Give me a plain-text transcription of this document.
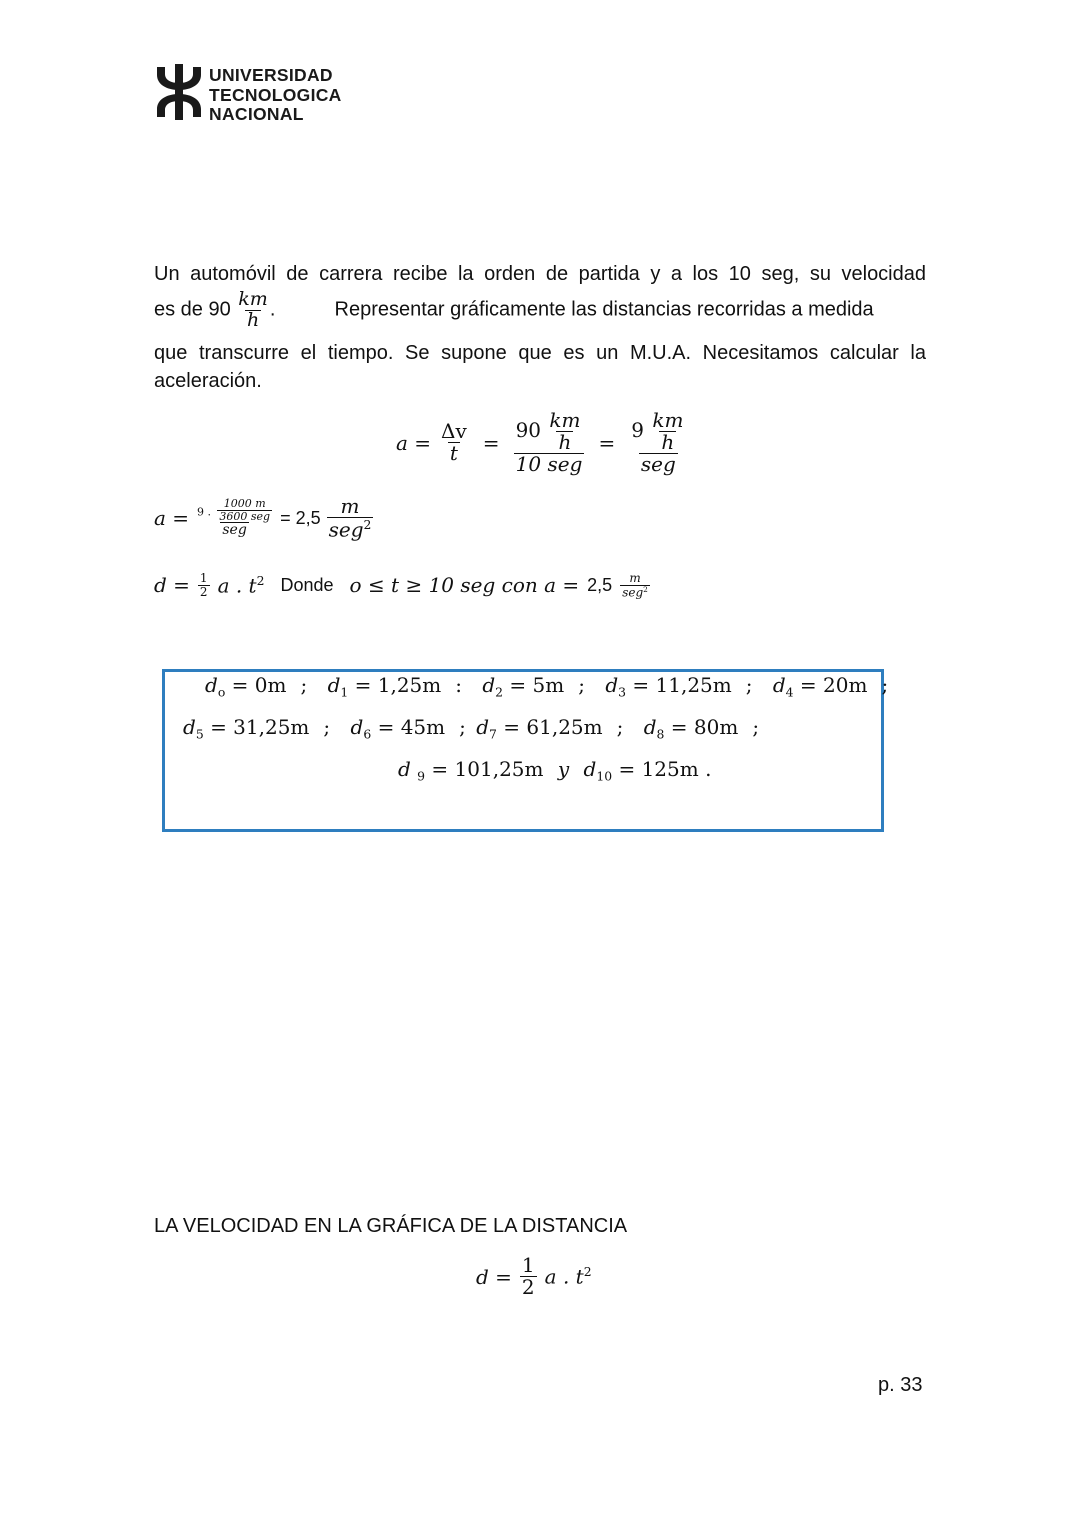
UNIVERSIDAD
TECNOLOGICA
NACIONAL
Un automóvil de carrera recibe la orden de partida y a los 10 seg, su velocidad
es de $90 \frac{km}{h}$ .	Representar gráficamente las distancias recorridas a medida
que transcurre el tiempo. Se supone que es un M.U.A. Necesitamos calcular la
aceleración.
$a = \frac{\Delta v}{t} = \frac{90 \frac{km}{h}}{\text{10 seg}} = \frac{9 \frac{km}{h}}{\text{seg}}$
$a = \frac{9 . \frac{1000 m}{\text{3600 seg}}}{\text{seg}} = 2,5 \frac{m}{seg^2}$
$d = \frac{1}{2}$ a . $t^2$ Donde o ≤ t ≥ 10 seg con $a = 2,5 \frac{m}{seg^2}$
$d_o = 0m$ ; $d_1 = 1,25m$ : $d_2 = 5m$ ; $d_3 = 11,25m$ ; $d_4 = 20m$ ;
$d_5 = 31,25m$ ; $d_6 = 45m$ ; $d_7 = 61,25m$ ; $d_8 = 80m$ ;
d $_9$ = 101,25m y $d_{10} = 125m$ .
LA VELOCIDAD EN LA GRÁFICA DE LA DISTANCIA
$d = \frac{1}{2}$ a . $t^2$
p. 33
